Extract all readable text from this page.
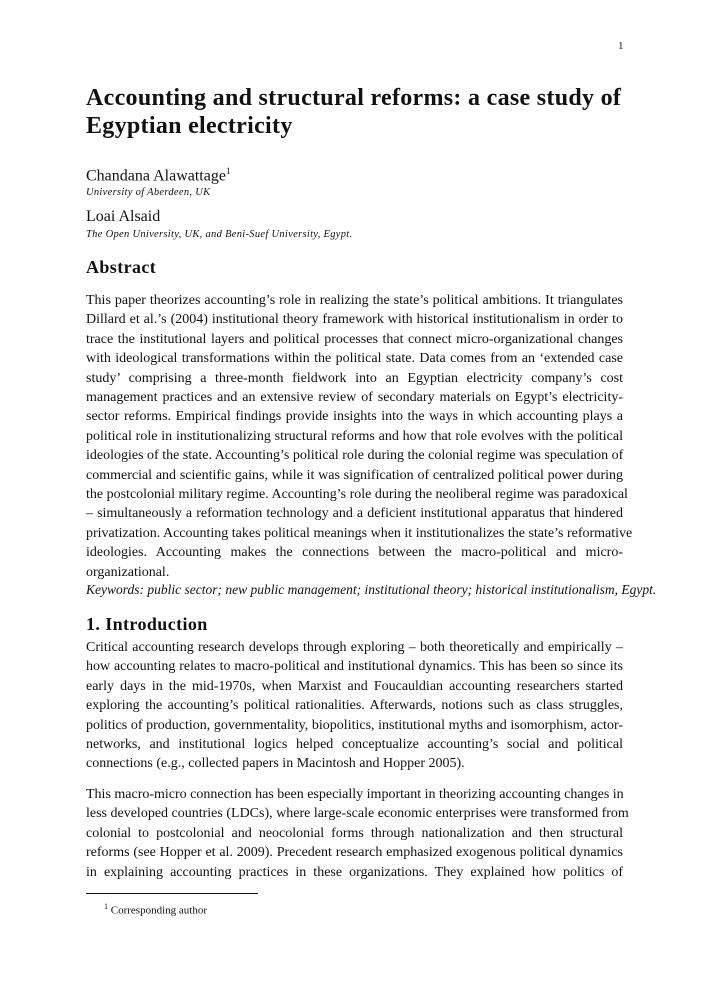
1
Accounting and structural reforms: a case study of Egyptian electricity
Chandana Alawattage$^1$
University of Aberdeen, UK
Loai Alsaid
The Open University, UK, and Beni-Suef University, Egypt.
Abstract
This paper theorizes accounting’s role in realizing the state’s political ambitions. It triangulates
Dillard et al.’s (2004) institutional theory framework with historical institutionalism in order to
trace the institutional layers and political processes that connect micro-organizational changes
with ideological transformations within the political state. Data comes from an ‘extended case
study’ comprising a three-month fieldwork into an Egyptian electricity company’s cost
management practices and an extensive review of secondary materials on Egypt’s electricity-
sector reforms. Empirical findings provide insights into the ways in which accounting plays a
political role in institutionalizing structural reforms and how that role evolves with the political
ideologies of the state. Accounting’s political role during the colonial regime was speculation of
commercial and scientific gains, while it was signification of centralized political power during
the postcolonial military regime. Accounting’s role during the neoliberal regime was paradoxical
– simultaneously a reformation technology and a deficient institutional apparatus that hindered
privatization. Accounting takes political meanings when it institutionalizes the state’s reformative
ideologies. Accounting makes the connections between the macro-political and micro-
organizational.
Keywords: public sector; new public management; institutional theory; historical institutionalism, Egypt.
1. Introduction
Critical accounting research develops through exploring – both theoretically and empirically –
how accounting relates to macro-political and institutional dynamics. This has been so since its
early days in the mid-1970s, when Marxist and Foucauldian accounting researchers started
exploring the accounting’s political rationalities. Afterwards, notions such as class struggles,
politics of production, governmentality, biopolitics, institutional myths and isomorphism, actor-
networks, and institutional logics helped conceptualize accounting’s social and political
connections (e.g., collected papers in Macintosh and Hopper 2005).
This macro-micro connection has been especially important in theorizing accounting changes in
less developed countries (LDCs), where large-scale economic enterprises were transformed from
colonial to postcolonial and neocolonial forms through nationalization and then structural
reforms (see Hopper et al. 2009). Precedent research emphasized exogenous political dynamics
in explaining accounting practices in these organizations. They explained how politics of
$^1$ Corresponding author
